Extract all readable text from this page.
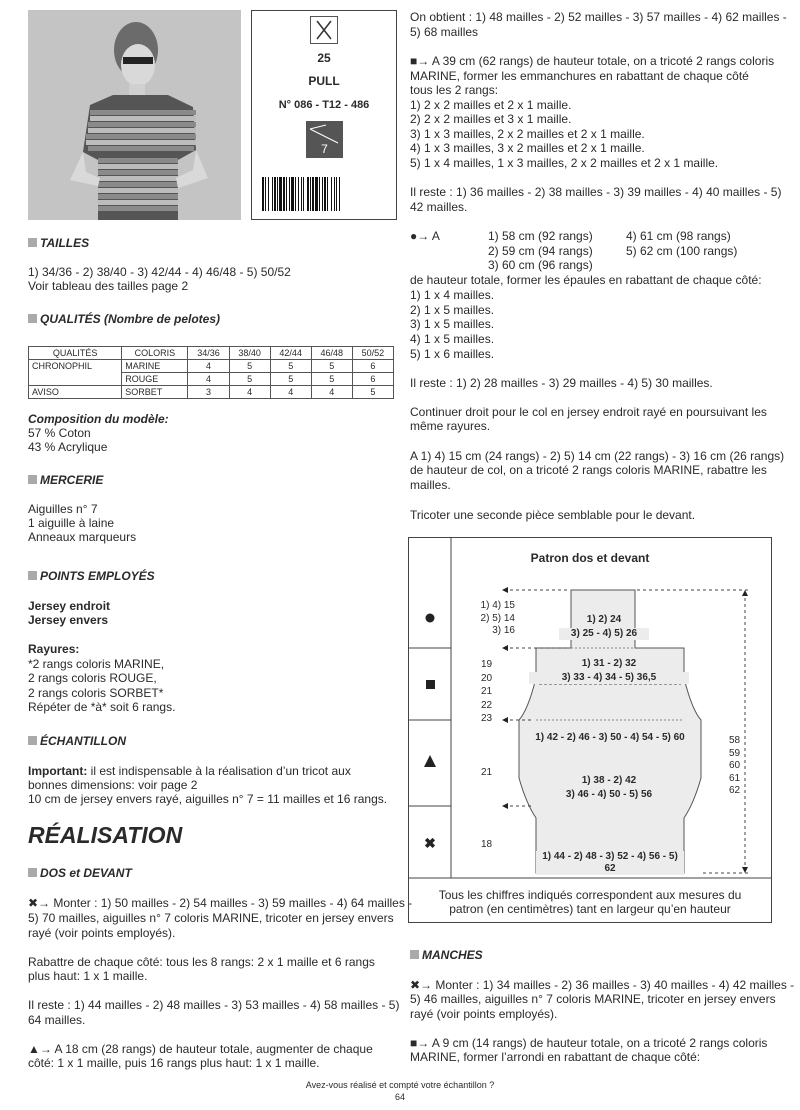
25
PULL
N° 086 - T12 - 486
7
TAILLES
1) 34/36 - 2) 38/40 - 3) 42/44 - 4) 46/48 - 5) 50/52
Voir tableau des tailles page 2
QUALITÉS (Nombre de pelotes)
QUALITÉS	COLORIS	34/36	38/40	42/44	46/48	50/52
CHRONOPHIL	MARINE	4	5	5	5	6
	ROUGE	4	5	5	5	6
AVISO	SORBET	3	4	4	4	5
Composition du modèle:
57 % Coton
43 % Acrylique
MERCERIE
Aiguilles n° 7
1 aiguille à laine
Anneaux marqueurs
POINTS EMPLOYÉS
Jersey endroit
Jersey envers
Rayures:
*2 rangs coloris MARINE,
2 rangs coloris ROUGE,
2 rangs coloris SORBET*
Répéter de *à* soit 6 rangs.
ÉCHANTILLON
Important: il est indispensable à la réalisation d’un tricot aux
bonnes dimensions: voir page 2
10 cm de jersey envers rayé, aiguilles n° 7 = 11 mailles et 16 rangs.
RÉALISATION
DOS et DEVANT
✖→ Monter : 1) 50 mailles - 2) 54 mailles - 3) 59 mailles - 4) 64 mailles -
5) 70 mailles, aiguilles n° 7 coloris MARINE, tricoter en jersey envers
rayé (voir points employés).
Rabattre de chaque côté: tous les 8 rangs: 2 x 1 maille et 6 rangs
plus haut: 1 x 1 maille.
Il reste : 1) 44 mailles - 2) 48 mailles - 3) 53 mailles - 4) 58 mailles - 5)
64 mailles.
▲→ A 18 cm (28 rangs) de hauteur totale, augmenter de chaque
côté: 1 x 1 maille, puis 16 rangs plus haut: 1 x 1 maille.
On obtient : 1) 48 mailles - 2) 52 mailles - 3) 57 mailles - 4) 62 mailles -
5) 68 mailles
■→ A 39 cm (62 rangs) de hauteur totale, on a tricoté 2 rangs coloris
MARINE, former les emmanchures en rabattant de chaque côté
tous les 2 rangs:
1) 2 x 2 mailles et 2 x 1 maille.
2) 2 x 2 mailles et 3 x 1 maille.
3) 1 x 3 mailles, 2 x 2 mailles et 2 x 1 maille.
4) 1 x 3 mailles, 3 x 2 mailles et 2 x 1 maille.
5) 1 x 4 mailles, 1 x 3 mailles, 2 x 2 mailles et 2 x 1 maille.
Il reste : 1) 36 mailles - 2) 38 mailles - 3) 39 mailles - 4) 40 mailles - 5)
42 mailles.
●→ A	1) 58 cm (92 rangs)	4) 61 cm (98 rangs)
2) 59 cm (94 rangs)	5) 62 cm (100 rangs)
3) 60 cm (96 rangs)
de hauteur totale, former les épaules en rabattant de chaque côté:
1) 1 x 4 mailles.
2) 1 x 5 mailles.
3) 1 x 5 mailles.
4) 1 x 5 mailles.
5) 1 x 6 mailles.
Il reste : 1) 2) 28 mailles - 3) 29 mailles - 4) 5) 30 mailles.
Continuer droit pour le col en jersey endroit rayé en poursuivant les
même rayures.
A 1) 4) 15 cm (24 rangs) - 2) 5) 14 cm (22 rangs) - 3) 16 cm (26 rangs)
de hauteur de col, on a tricoté 2 rangs coloris MARINE, rabattre les
mailles.
Tricoter une seconde pièce semblable pour le devant.
✖
Patron dos et devant
1) 4) 15
2) 5) 14
3) 16
19
20
21
22
23
21
18
1) 2) 24
3) 25 - 4) 5) 26
1) 31 - 2) 32
3) 33 - 4) 34 - 5) 36,5
1) 42 - 2) 46 - 3) 50 - 4) 54 - 5) 60
1) 38 - 2) 42
3) 46 - 4) 50 - 5) 56
1) 44 - 2) 48 - 3) 52 - 4) 56 - 5) 62
58
59
60
61
62
Tous les chiffres indiqués correspondent aux mesures du
patron (en centimètres) tant en largeur qu’en hauteur
MANCHES
✖→ Monter : 1) 34 mailles - 2) 36 mailles - 3) 40 mailles - 4) 42 mailles -
5) 46 mailles, aiguilles n° 7 coloris MARINE, tricoter en jersey envers
rayé (voir points employés).
■→ A 9 cm (14 rangs) de hauteur totale, on a tricoté 2 rangs coloris
MARINE, former l’arrondi en rabattant de chaque côté:
Avez-vous réalisé et compté votre échantillon ?
64
